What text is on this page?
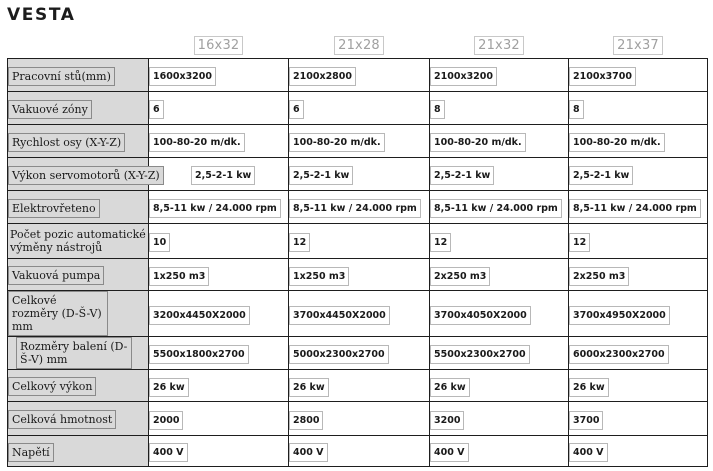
VESTA
	16x32	21x28	21x32	21x37
Pracovní stů(mm)	1600x3200	2100x2800	2100x3200	2100x3700
Vakuové zóny	6	6	8	8
Rychlost osy (X-Y-Z)	100-80-20 m/dk.	100-80-20 m/dk.	100-80-20 m/dk.	100-80-20 m/dk.
Výkon servomotorů (X-Y-Z)	2,5-2-1 kw	2,5-2-1 kw	2,5-2-1 kw	2,5-2-1 kw
Elektrovřeteno	8,5-11 kw / 24.000 rpm	8,5-11 kw / 24.000 rpm	8,5-11 kw / 24.000 rpm	8,5-11 kw / 24.000 rpm
Počet pozic automatické výměny nástrojů	10	12	12	12
Vakuová pumpa	1x250 m3	1x250 m3	2x250 m3	2x250 m3
Celkové rozměry (D-Š-V) mm	3200x4450X2000	3700x4450X2000	3700x4050X2000	3700x4950X2000
Rozměry balení (D-Š-V) mm	5500x1800x2700	5000x2300x2700	5500x2300x2700	6000x2300x2700
Celkový výkon	26 kw	26 kw	26 kw	26 kw
Celková hmotnost	2000	2800	3200	3700
Napětí	400 V	400 V	400 V	400 V
